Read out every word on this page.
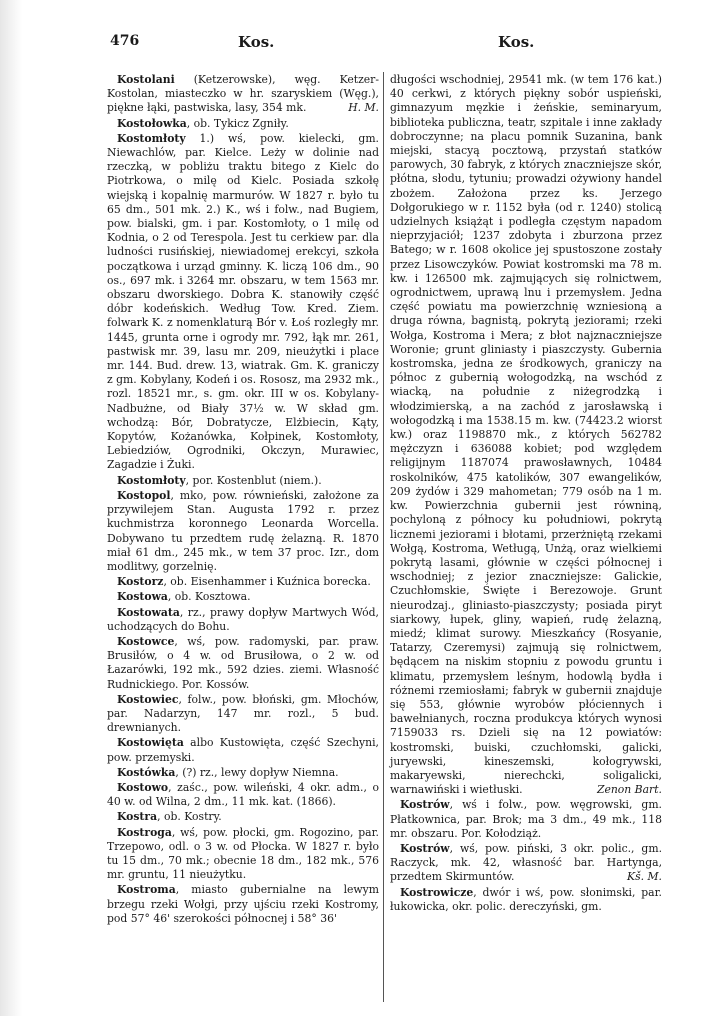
476	Kos.	Kos.

Kostolani (Ketzerowske), węg. Ketzer-Kostolan, miasteczko w hr. szaryskiem (Węg.), piękne łąki, pastwiska, lasy, 354 mk.	H. M.

Kostołowka, ob. Tykicz Zgniły.

Kostomłoty 1.) wś, pow. kielecki, gm. Niewachlów, par. Kielce. Leży w dolinie nad rzeczką, w pobliżu traktu bitego z Kielc do Piotrkowa, o milę od Kielc. Posiada szkołę wiejską i kopalnię marmurów. W 1827 r. było tu 65 dm., 501 mk. 2.) K., wś i folw., nad Bugiem, pow. bialski, gm. i par. Kostomłoty, o 1 milę od Kodnia, o 2 od Terespola. Jest tu cerkiew par. dla ludności rusińskiej, niewiadomej erekcyi, szkoła początkowa i urząd gminny. K. liczą 106 dm., 90 os., 697 mk. i 3264 mr. obszaru, w tem 1563 mr. obszaru dworskiego. Dobra K. stanowiły część dóbr kodeńskich. Według Tow. Kred. Ziem. folwark K. z nomenklaturą Bór v. Łoś rozległy mr. 1445, grunta orne i ogrody mr. 792, łąk mr. 261, pastwisk mr. 39, lasu mr. 209, nieużytki i place mr. 144. Bud. drew. 13, wiatrak. Gm. K. graniczy z gm. Kobylany, Kodeń i os. Rososz, ma 2932 mk., rozl. 18521 mr., s. gm. okr. III w os. Kobylany-Nadbużne, od Biały 37½ w. W skład gm. wchodzą: Bór, Dobratycze, Elżbiecin, Kąty, Kopytów, Kożanówka, Kołpinek, Kostomłoty, Lebiedziów, Ogrodniki, Okczyn, Murawiec, Zagadzie i Żuki.

Kostomłoty, por. Kostenblut (niem.).

Kostopol, mko, pow. równieński, założone za przywilejem Stan. Augusta 1792 r. przez kuchmistrza koronnego Leonarda Worcella. Dobywano tu przedtem rudę żelazną. R. 1870 miał 61 dm., 245 mk., w tem 37 proc. Izr., dom modlitwy, gorzelnię.

Kostorz, ob. Eisenhammer i Kuźnica borecka.

Kostowa, ob. Kosztowa.

Kostowata, rz., prawy dopływ Martwych Wód, uchodzących do Bohu.

Kostowce, wś, pow. radomyski, par. praw. Brusiłów, o 4 w. od Brusiłowa, o 2 w. od Łazarówki, 192 mk., 592 dzies. ziemi. Własność Rudnickiego. Por. Kossów.

Kostowiec, folw., pow. błoński, gm. Młochów, par. Nadarzyn, 147 mr. rozl., 5 bud. drewnianych.

Kostowięta albo Kustowięta, część Szechyni, pow. przemyski.

Kostówka, (?) rz., lewy dopływ Niemna.

Kostowo, zaśc., pow. wileński, 4 okr. adm., o 40 w. od Wilna, 2 dm., 11 mk. kat. (1866).

Kostra, ob. Kostry.

Kostroga, wś, pow. płocki, gm. Rogozino, par. Trzepowo, odl. o 3 w. od Płocka. W 1827 r. było tu 15 dm., 70 mk.; obecnie 18 dm., 182 mk., 576 mr. gruntu, 11 nieużytku.

Kostroma, miasto gubernialne na lewym brzegu rzeki Wołgi, przy ujściu rzeki Kostromy, pod 57° 46' szerokości północnej i 58° 36'

długości wschodniej, 29541 mk. (w tem 176 kat.) 40 cerkwi, z których piękny sobór uspieński, gimnazyum męzkie i żeńskie, seminaryum, biblioteka publiczna, teatr, szpitale i inne zakłady dobroczynne; na placu pomnik Suzanina, bank miejski, stacyą pocztową, przystań statków parowych, 30 fabryk, z których znaczniejsze skór, płótna, słodu, tytuniu; prowadzi ożywiony handel zbożem. Założona przez ks. Jerzego Dołgorukiego w r. 1152 była (od r. 1240) stolicą udzielnych książąt i podległa częstym napadom nieprzyjaciół; 1237 zdobyta i zburzona przez Batego; w r. 1608 okolice jej spustoszone zostały przez Lisowczyków. Powiat kostromski ma 78 m. kw. i 126500 mk. zajmujących się rolnictwem, ogrodnictwem, uprawą lnu i przemysłem. Jedna część powiatu ma powierzchnię wzniesioną a druga równa, bagnistą, pokrytą jeziorami; rzeki Wołga, Kostroma i Mera; z błot najznaczniejsze Woronie; grunt gliniasty i piaszczysty. Gubernia kostromska, jedna ze środkowych, graniczy na północ z gubernią wołogodzką, na wschód z wiacką, na południe z niżegrodzką i włodzimierską, a na zachód z jarosławską i wołogodzką i ma 1538.15 m. kw. (74423.2 wiorst kw.) oraz 1198870 mk., z których 562782 mężczyzn i 636088 kobiet; pod względem religijnym 1187074 prawosławnych, 10484 roskolników, 475 katolików, 307 ewangelików, 209 żydów i 329 mahometan; 779 osób na 1 m. kw. Powierzchnia gubernii jest równiną, pochyloną z północy ku południowi, pokrytą licznemi jeziorami i błotami, przerżniętą rzekami Wołgą, Kostroma, Wetługą, Unżą, oraz wielkiemi pokrytą lasami, głównie w części północnej i wschodniej; z jezior znaczniejsze: Galickie, Czuchłomskie, Święte i Berezowoje. Grunt nieurodzaj., gliniasto-piaszczysty; posiada piryt siarkowy, łupek, gliny, wapień, rudę żelazną, miedź; klimat surowy. Mieszkańcy (Rosyanie, Tatarzy, Czeremysi) zajmują się rolnictwem, będącem na niskim stopniu z powodu gruntu i klimatu, przemysłem leśnym, hodowlą bydła i różnemi rzemiosłami; fabryk w gubernii znajduje się 553, głównie wyrobów płóciennych i bawełnianych, roczna produkcya których wynosi 7159033 rs. Dzieli się na 12 powiatów: kostromski, buiski, czuchłomski, galicki, juryewski, kineszemski, kołogrywski, makaryewski, nierechcki, soligalicki, warnawiński i wietłuski.	Zenon Bart.

Kostrów, wś i folw., pow. węgrowski, gm. Płatkownica, par. Brok; ma 3 dm., 49 mk., 118 mr. obszaru. Por. Kołodziąż.

Kostrów, wś, pow. piński, 3 okr. polic., gm. Raczyck, mk. 42, własność bar. Hartynga, przedtem Skirmuntów.	Kš. M.

Kostrowicze, dwór i wś, pow. słonimski, par. łukowicka, okr. polic. dereczyński, gm.
